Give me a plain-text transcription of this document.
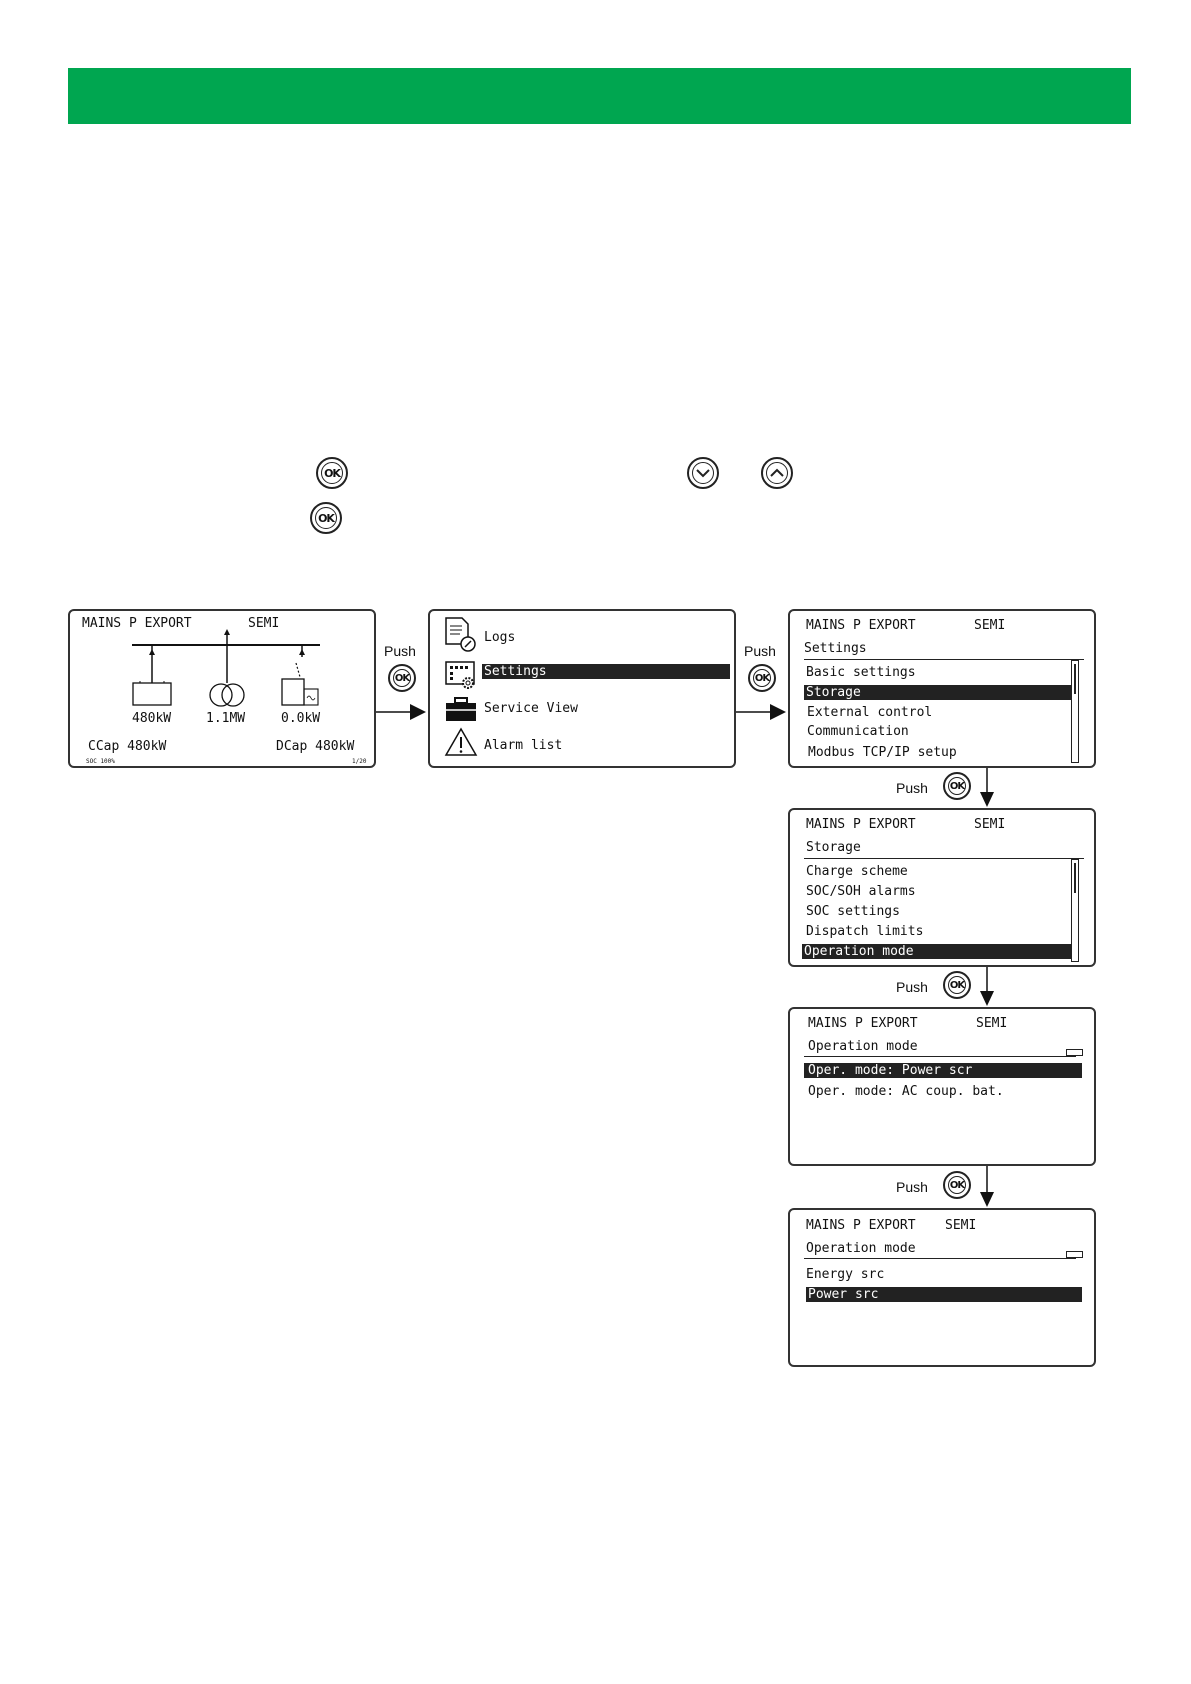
OK
OK
MAINS P EXPORT	SEMI
480kW	1.1MW	0.0kW
CCap 480kW	DCap 480kW
SOC 100%	1/20
Push
OK
Logs
Settings
Service View
Alarm list
Push
OK
MAINS P EXPORT	SEMI
Settings
Basic settings
Storage
External control
Communication
Modbus TCP/IP setup
Push OK
MAINS P EXPORT	SEMI
Storage
Charge scheme
SOC/SOH alarms
SOC settings
Dispatch limits
Operation mode
Push OK
MAINS P EXPORT	SEMI
Operation mode
Oper. mode: Power scr
Oper. mode: AC coup. bat.
Push OK
MAINS P EXPORT SEMI
Operation mode
Energy src
Power src
